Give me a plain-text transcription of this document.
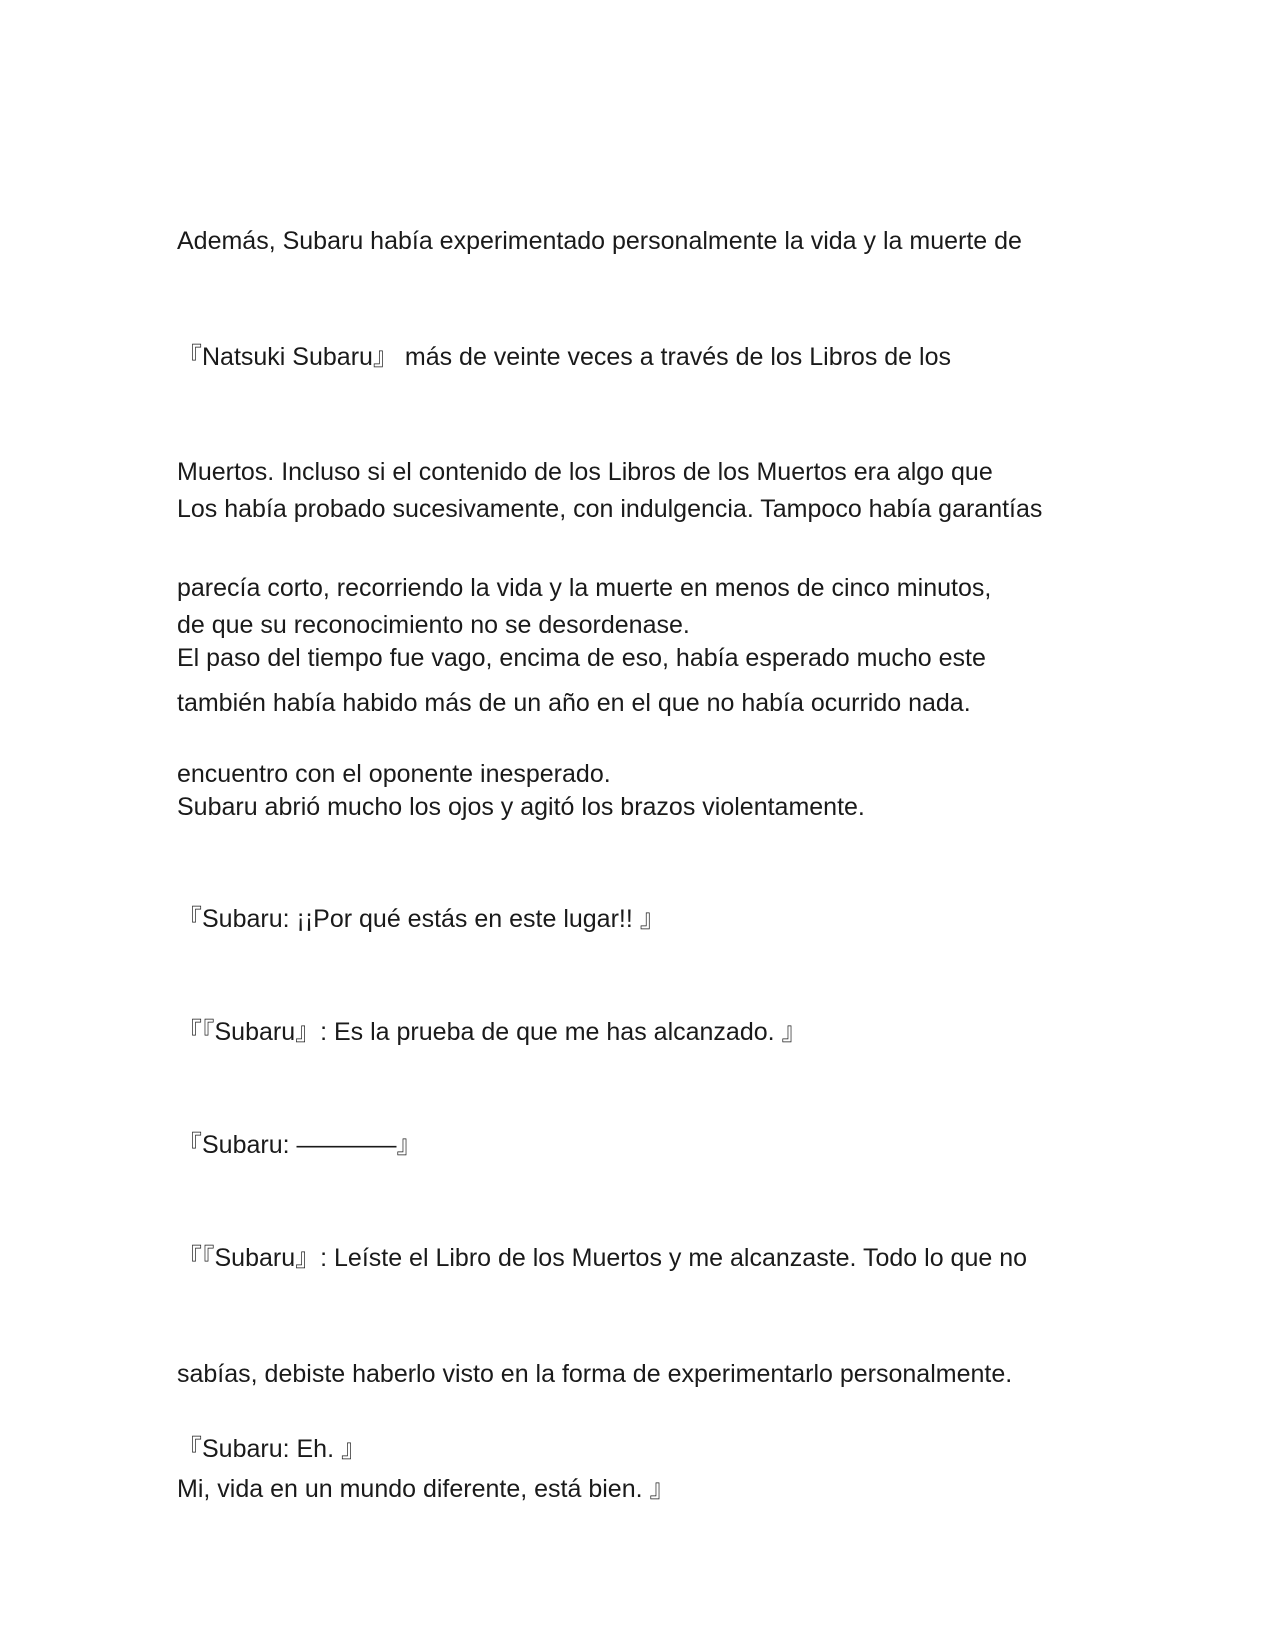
Además, Subaru había experimentado personalmente la vida y la muerte de

『Natsuki Subaru』 más de veinte veces a través de los Libros de los

Muertos. Incluso si el contenido de los Libros de los Muertos era algo que

parecía corto, recorriendo la vida y la muerte en menos de cinco minutos,

también había habido más de un año en el que no había ocurrido nada.

Los había probado sucesivamente, con indulgencia. Tampoco había garantías

de que su reconocimiento no se desordenase.

El paso del tiempo fue vago, encima de eso, había esperado mucho este

encuentro con el oponente inesperado.

Subaru abrió mucho los ojos y agitó los brazos violentamente.

『Subaru: ¡¡Por qué estás en este lugar!! 』

『『Subaru』: Es la prueba de que me has alcanzado. 』

『Subaru: ————』

『『Subaru』: Leíste el Libro de los Muertos y me alcanzaste. Todo lo que no

sabías, debiste haberlo visto en la forma de experimentarlo personalmente.

Mi, vida en un mundo diferente, está bien. 』

『Subaru: Eh. 』
